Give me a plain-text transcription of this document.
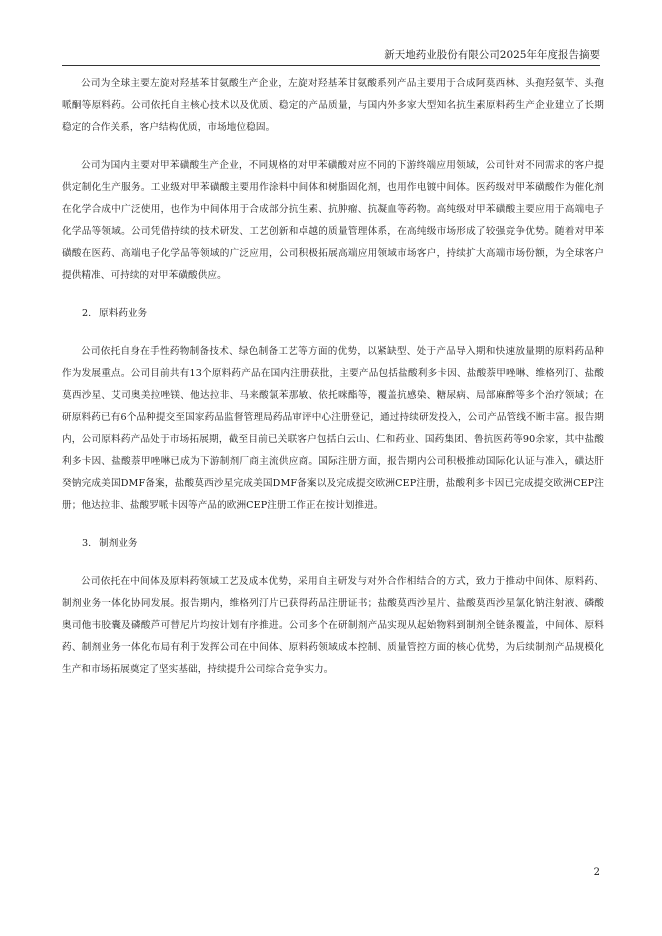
新天地药业股份有限公司2025年年度报告摘要

公司为全球主要左旋对羟基苯甘氨酸生产企业，左旋对羟基苯甘氨酸系列产品主要用于合成阿莫西林、头孢羟氨苄、头孢哌酮等原料药。公司依托自主核心技术以及优质、稳定的产品质量，与国内外多家大型知名抗生素原料药生产企业建立了长期稳定的合作关系，客户结构优质，市场地位稳固。

公司为国内主要对甲苯磺酸生产企业，不同规格的对甲苯磺酸对应不同的下游终端应用领域，公司针对不同需求的客户提供定制化生产服务。工业级对甲苯磺酸主要用作涂料中间体和树脂固化剂，也用作电镀中间体。医药级对甲苯磺酸作为催化剂在化学合成中广泛使用，也作为中间体用于合成部分抗生素、抗肿瘤、抗凝血等药物。高纯级对甲苯磺酸主要应用于高端电子化学品等领域。公司凭借持续的技术研发、工艺创新和卓越的质量管理体系，在高纯级市场形成了较强竞争优势。随着对甲苯磺酸在医药、高端电子化学品等领域的广泛应用，公司积极拓展高端应用领域市场客户，持续扩大高端市场份额，为全球客户提供精准、可持续的对甲苯磺酸供应。

2. 原料药业务

公司依托自身在手性药物制备技术、绿色制备工艺等方面的优势，以紧缺型、处于产品导入期和快速放量期的原料药品种作为发展重点。公司目前共有13个原料药产品在国内注册获批，主要产品包括盐酸利多卡因、盐酸萘甲唑啉、维格列汀、盐酸莫西沙星、艾司奥美拉唑镁、他达拉非、马来酸氯苯那敏、依托咪酯等，覆盖抗感染、糖尿病、局部麻醉等多个治疗领域；在研原料药已有6个品种提交至国家药品监督管理局药品审评中心注册登记，通过持续研发投入，公司产品管线不断丰富。报告期内，公司原料药产品处于市场拓展期，截至目前已关联客户包括白云山、仁和药业、国药集团、鲁抗医药等90余家，其中盐酸利多卡因、盐酸萘甲唑啉已成为下游制剂厂商主流供应商。国际注册方面，报告期内公司积极推动国际化认证与准入，磺达肝癸钠完成美国DMF备案，盐酸莫西沙星完成美国DMF备案以及完成提交欧洲CEP注册，盐酸利多卡因已完成提交欧洲CEP注册；他达拉非、盐酸罗哌卡因等产品的欧洲CEP注册工作正在按计划推进。

3. 制剂业务

公司依托在中间体及原料药领域工艺及成本优势，采用自主研发与对外合作相结合的方式，致力于推动中间体、原料药、制剂业务一体化协同发展。报告期内，维格列汀片已获得药品注册证书；盐酸莫西沙星片、盐酸莫西沙星氯化钠注射液、磷酸奥司他韦胶囊及磷酸芦可替尼片均按计划有序推进。公司多个在研制剂产品实现从起始物料到制剂全链条覆盖，中间体、原料药、制剂业务一体化布局有利于发挥公司在中间体、原料药领域成本控制、质量管控方面的核心优势，为后续制剂产品规模化生产和市场拓展奠定了坚实基础，持续提升公司综合竞争实力。

2
